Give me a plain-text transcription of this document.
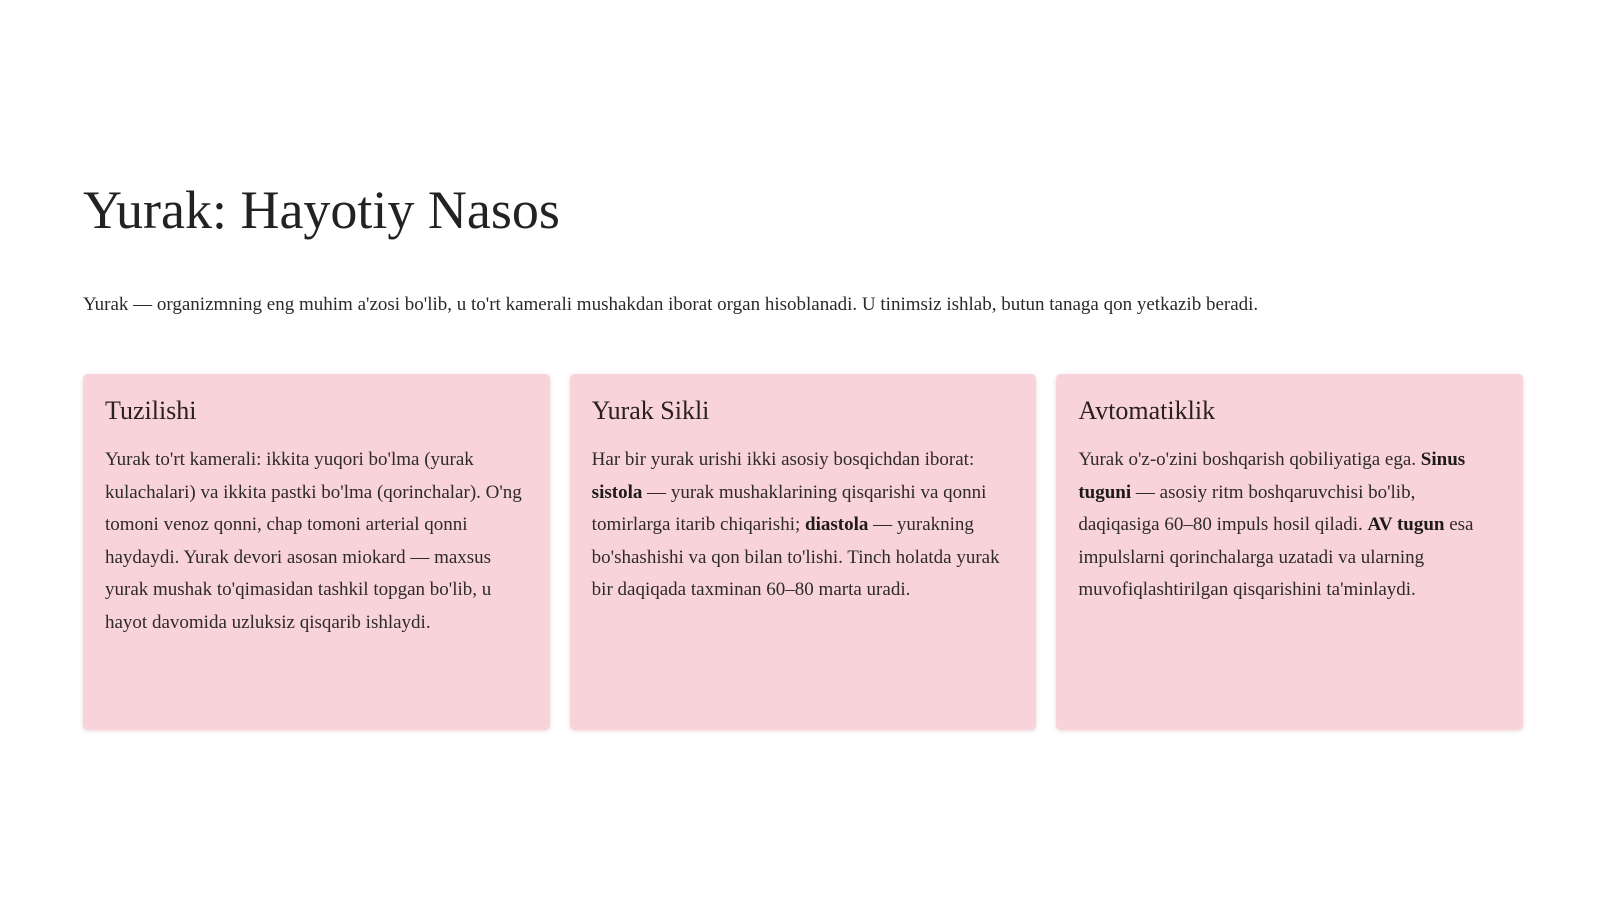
Yurak: Hayotiy Nasos

Yurak — organizmning eng muhim a'zosi bo'lib, u to'rt kamerali mushakdan iborat organ hisoblanadi. U tinimsiz ishlab, butun tanaga qon yetkazib beradi.

Tuzilishi

Yurak to'rt kamerali: ikkita yuqori bo'lma (yurak kulachalari) va ikkita pastki bo'lma (qorinchalar). O'ng tomoni venoz qonni, chap tomoni arterial qonni haydaydi. Yurak devori asosan miokard — maxsus yurak mushak to'qimasidan tashkil topgan bo'lib, u hayot davomida uzluksiz qisqarib ishlaydi.

Yurak Sikli

Har bir yurak urishi ikki asosiy bosqichdan iborat: sistola — yurak mushaklarining qisqarishi va qonni tomirlarga itarib chiqarishi; diastola — yurakning bo'shashishi va qon bilan to'lishi. Tinch holatda yurak bir daqiqada taxminan 60–80 marta uradi.

Avtomatiklik

Yurak o'z-o'zini boshqarish qobiliyatiga ega. Sinus tuguni — asosiy ritm boshqaruvchisi bo'lib, daqiqasiga 60–80 impuls hosil qiladi. AV tugun esa impulslarni qorinchalarga uzatadi va ularning muvofiqlashtirilgan qisqarishini ta'minlaydi.
